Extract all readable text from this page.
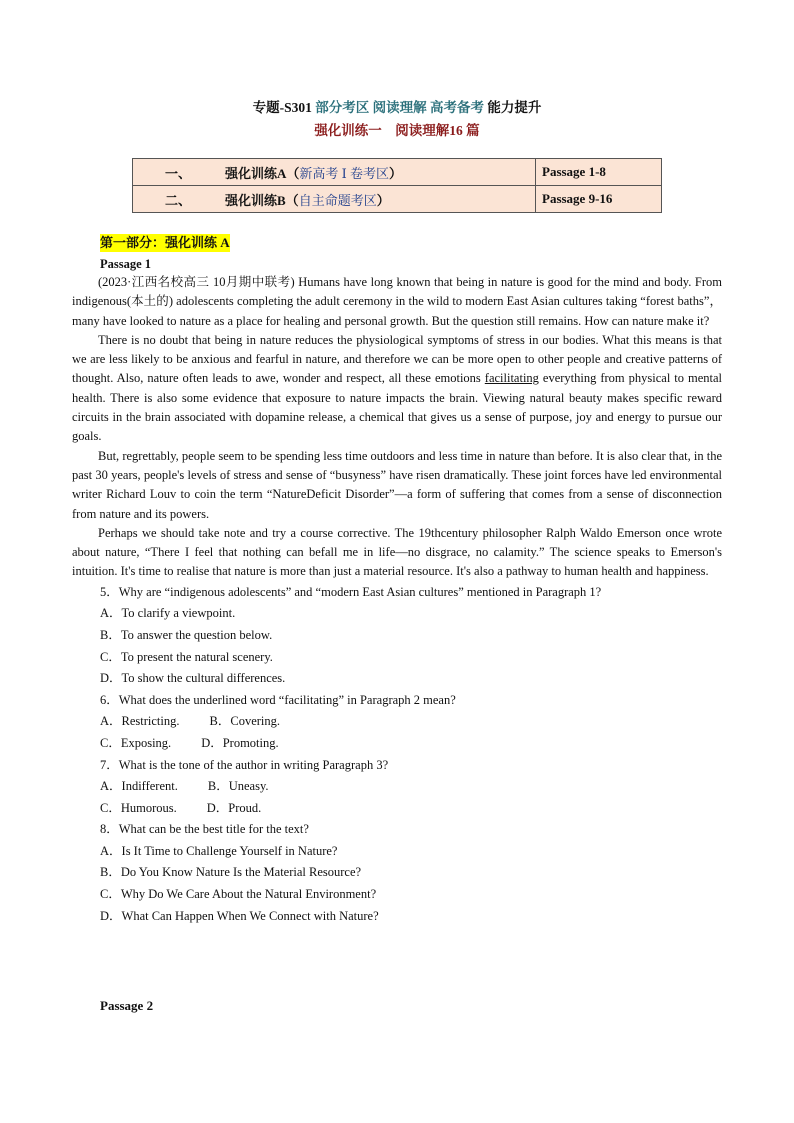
专题-S301 部分考区 阅读理解 高考备考 能力提升
强化训练一　阅读理解16 篇
一、 强化训练A（新高考 Ⅰ 卷考区）	Passage 1-8
二、 强化训练B（自主命题考区）	Passage 9-16
第一部分：强化训练 A
Passage 1

(2023·江西名校高三 10月期中联考) Humans have long known that being in nature is good for the mind and body. From indigenous(本土的) adolescents completing the adult ceremony in the wild to modern East Asian cultures taking “forest baths”， many have looked to nature as a place for healing and personal growth. But the question still remains. How can nature make it?

There is no doubt that being in nature reduces the physiological symptoms of stress in our bodies. What this means is that we are less likely to be anxious and fearful in nature, and therefore we can be more open to other people and creative patterns of thought. Also, nature often leads to awe, wonder and respect, all these emotions facilitating everything from physical to mental health. There is also some evidence that exposure to nature impacts the brain. Viewing natural beauty makes specific reward circuits in the brain associated with dopamine release, a chemical that gives us a sense of purpose, joy and energy to pursue our goals.

But, regrettably, people seem to be spending less time outdoors and less time in nature than before. It is also clear that, in the past 30 years, people's levels of stress and sense of “busyness” have risen dramatically. These joint forces have led environmental writer Richard Louv to coin the term “NatureDeficit Disorder”—a form of suffering that comes from a sense of disconnection from nature and its powers.

Perhaps we should take note and try a course corrective. The 19thcentury philosopher Ralph Waldo Emerson once wrote about nature, “There I feel that nothing can befall me in life—no disgrace, no calamity.” The science speaks to Emerson's intuition. It's time to realise that nature is more than just a material resource. It's also a pathway to human health and happiness.

5．Why are “indigenous adolescents” and “modern East Asian cultures” mentioned in Paragraph 1?
A．To clarify a viewpoint.
B．To answer the question below.
C．To present the natural scenery.
D．To show the cultural differences.
6．What does the underlined word “facilitating” in Paragraph 2 mean?
A．Restricting. B．Covering.
C．Exposing. D．Promoting.
7．What is the tone of the author in writing Paragraph 3?
A．Indifferent. B．Uneasy.
C．Humorous. D．Proud.
8．What can be the best title for the text?
A．Is It Time to Challenge Yourself in Nature?
B．Do You Know Nature Is the Material Resource?
C．Why Do We Care About the Natural Environment?
D．What Can Happen When We Connect with Nature?
Passage 2
